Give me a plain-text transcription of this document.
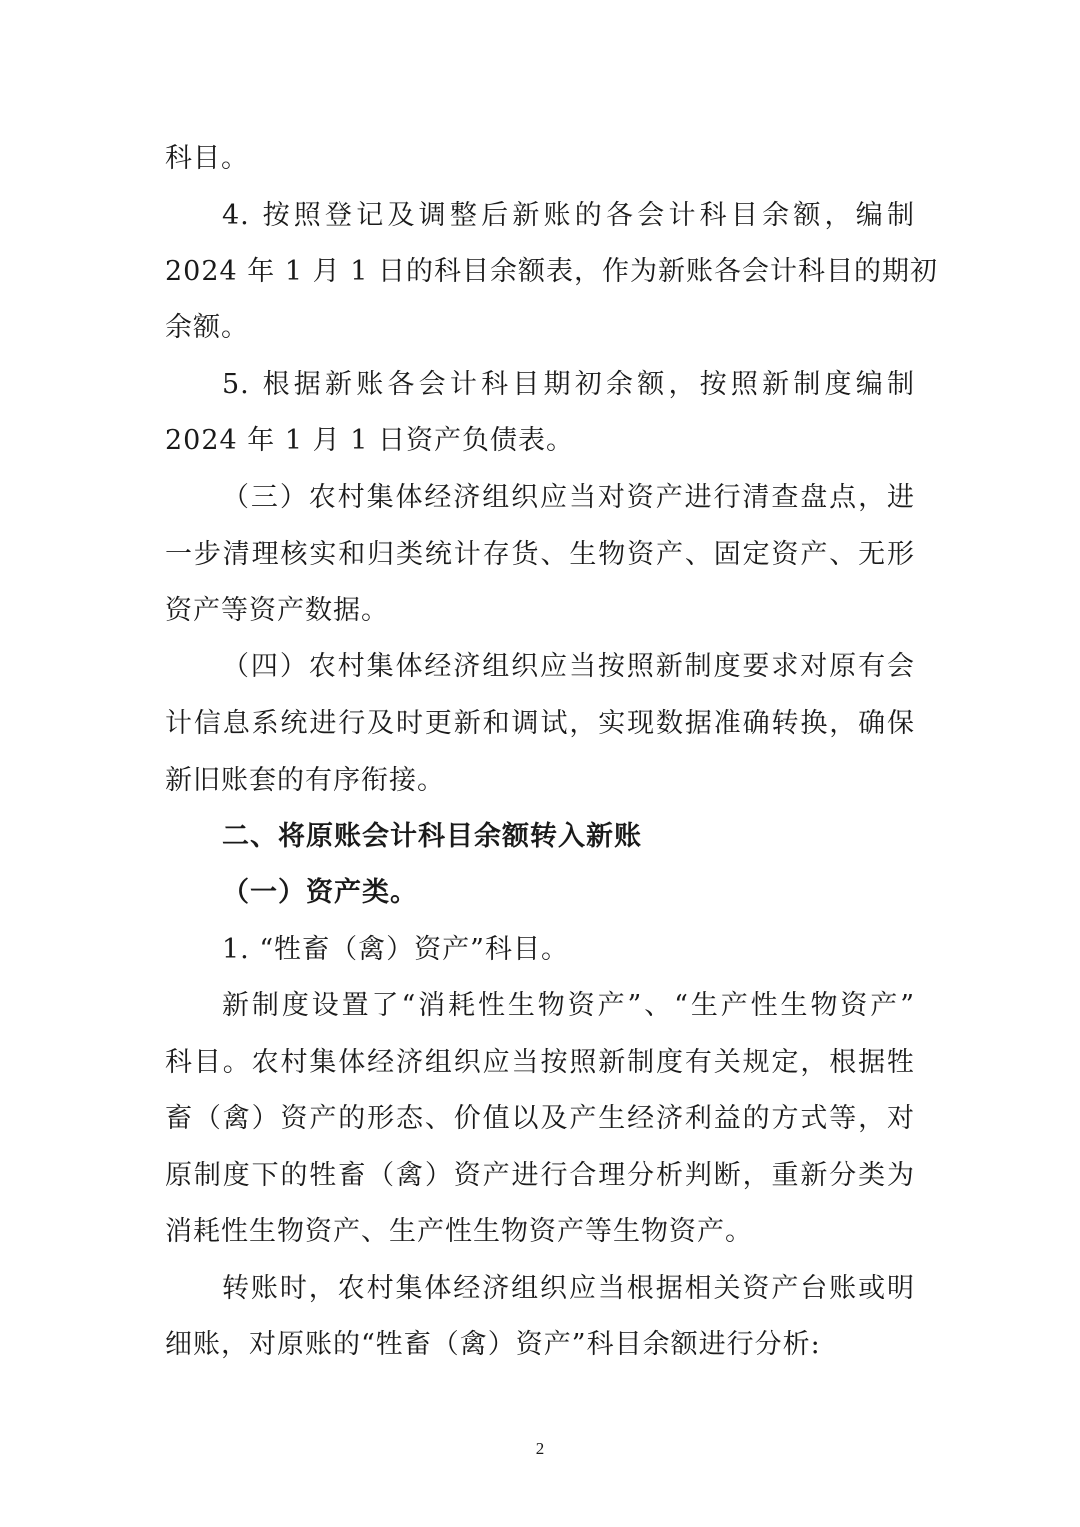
科目。
4. 按照登记及调整后新账的各会计科目余额，编制
2024 年 1 月 1 日的科目余额表，作为新账各会计科目的期初
余额。
5. 根据新账各会计科目期初余额，按照新制度编制
2024 年 1 月 1 日资产负债表。
（三）农村集体经济组织应当对资产进行清查盘点，进
一步清理核实和归类统计存货、生物资产、固定资产、无形
资产等资产数据。
（四）农村集体经济组织应当按照新制度要求对原有会
计信息系统进行及时更新和调试，实现数据准确转换，确保
新旧账套的有序衔接。
二、将原账会计科目余额转入新账
（一）资产类。
1. “牲畜（禽）资产”科目。
新制度设置了“消耗性生物资产”、“生产性生物资产”
科目。农村集体经济组织应当按照新制度有关规定，根据牲
畜（禽）资产的形态、价值以及产生经济利益的方式等，对
原制度下的牲畜（禽）资产进行合理分析判断，重新分类为
消耗性生物资产、生产性生物资产等生物资产。
转账时，农村集体经济组织应当根据相关资产台账或明
细账，对原账的“牲畜（禽）资产”科目余额进行分析:
2
